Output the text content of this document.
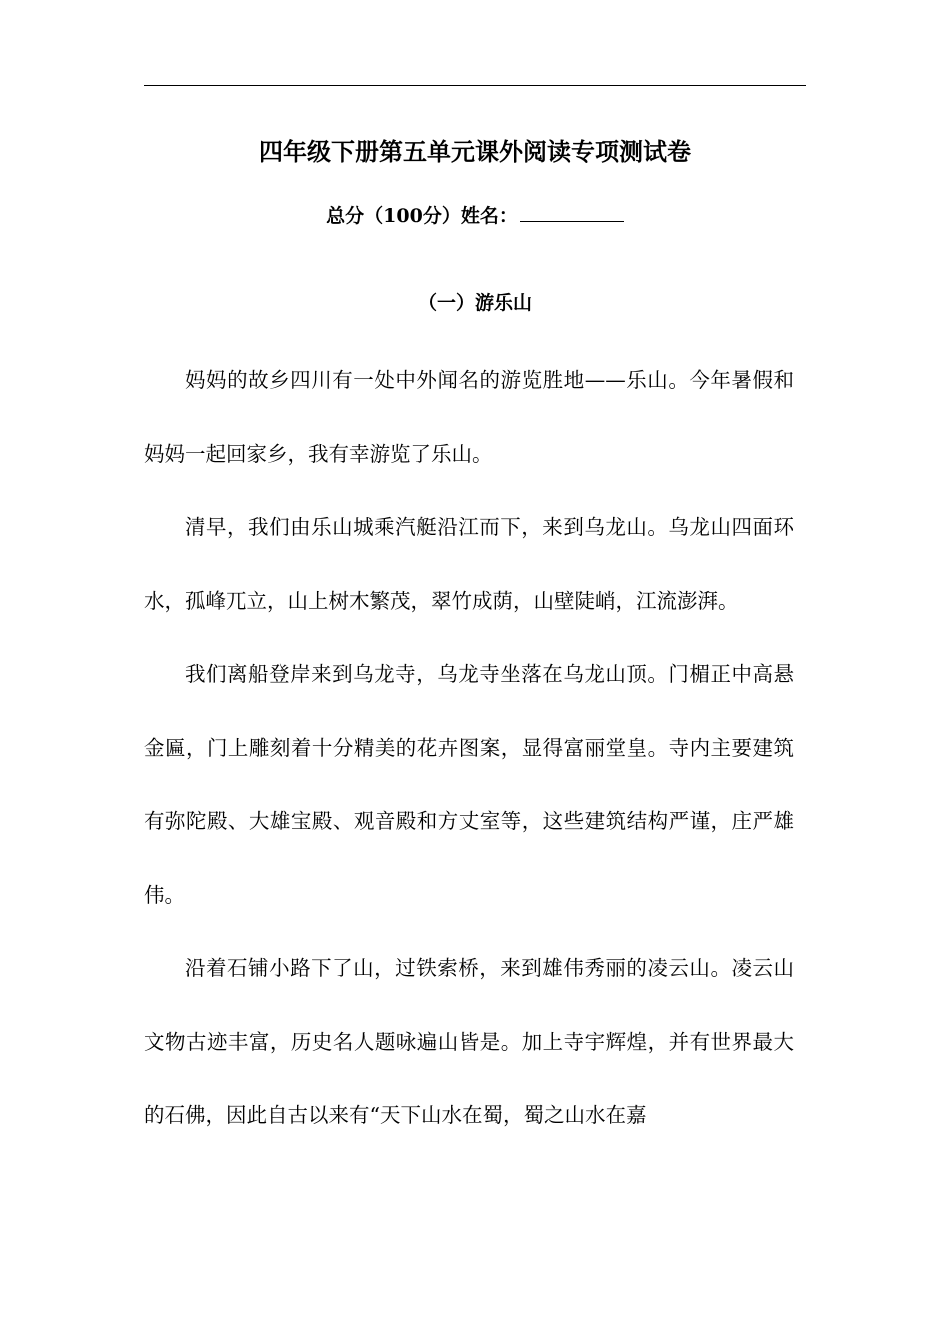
四年级下册第五单元课外阅读专项测试卷
总分（100分）姓名：
（一）游乐山

妈妈的故乡四川有一处中外闻名的游览胜地——乐山。今年暑假和妈妈一起回家乡，我有幸游览了乐山。

清早，我们由乐山城乘汽艇沿江而下，来到乌龙山。乌龙山四面环水，孤峰兀立，山上树木繁茂，翠竹成荫，山壁陡峭，江流澎湃。

我们离船登岸来到乌龙寺，乌龙寺坐落在乌龙山顶。门楣正中高悬金匾，门上雕刻着十分精美的花卉图案，显得富丽堂皇。寺内主要建筑有弥陀殿、大雄宝殿、观音殿和方丈室等，这些建筑结构严谨，庄严雄伟。

沿着石铺小路下了山，过铁索桥，来到雄伟秀丽的凌云山。凌云山文物古迹丰富，历史名人题咏遍山皆是。加上寺宇辉煌，并有世界最大的石佛，因此自古以来有“天下山水在蜀，蜀之山水在嘉
